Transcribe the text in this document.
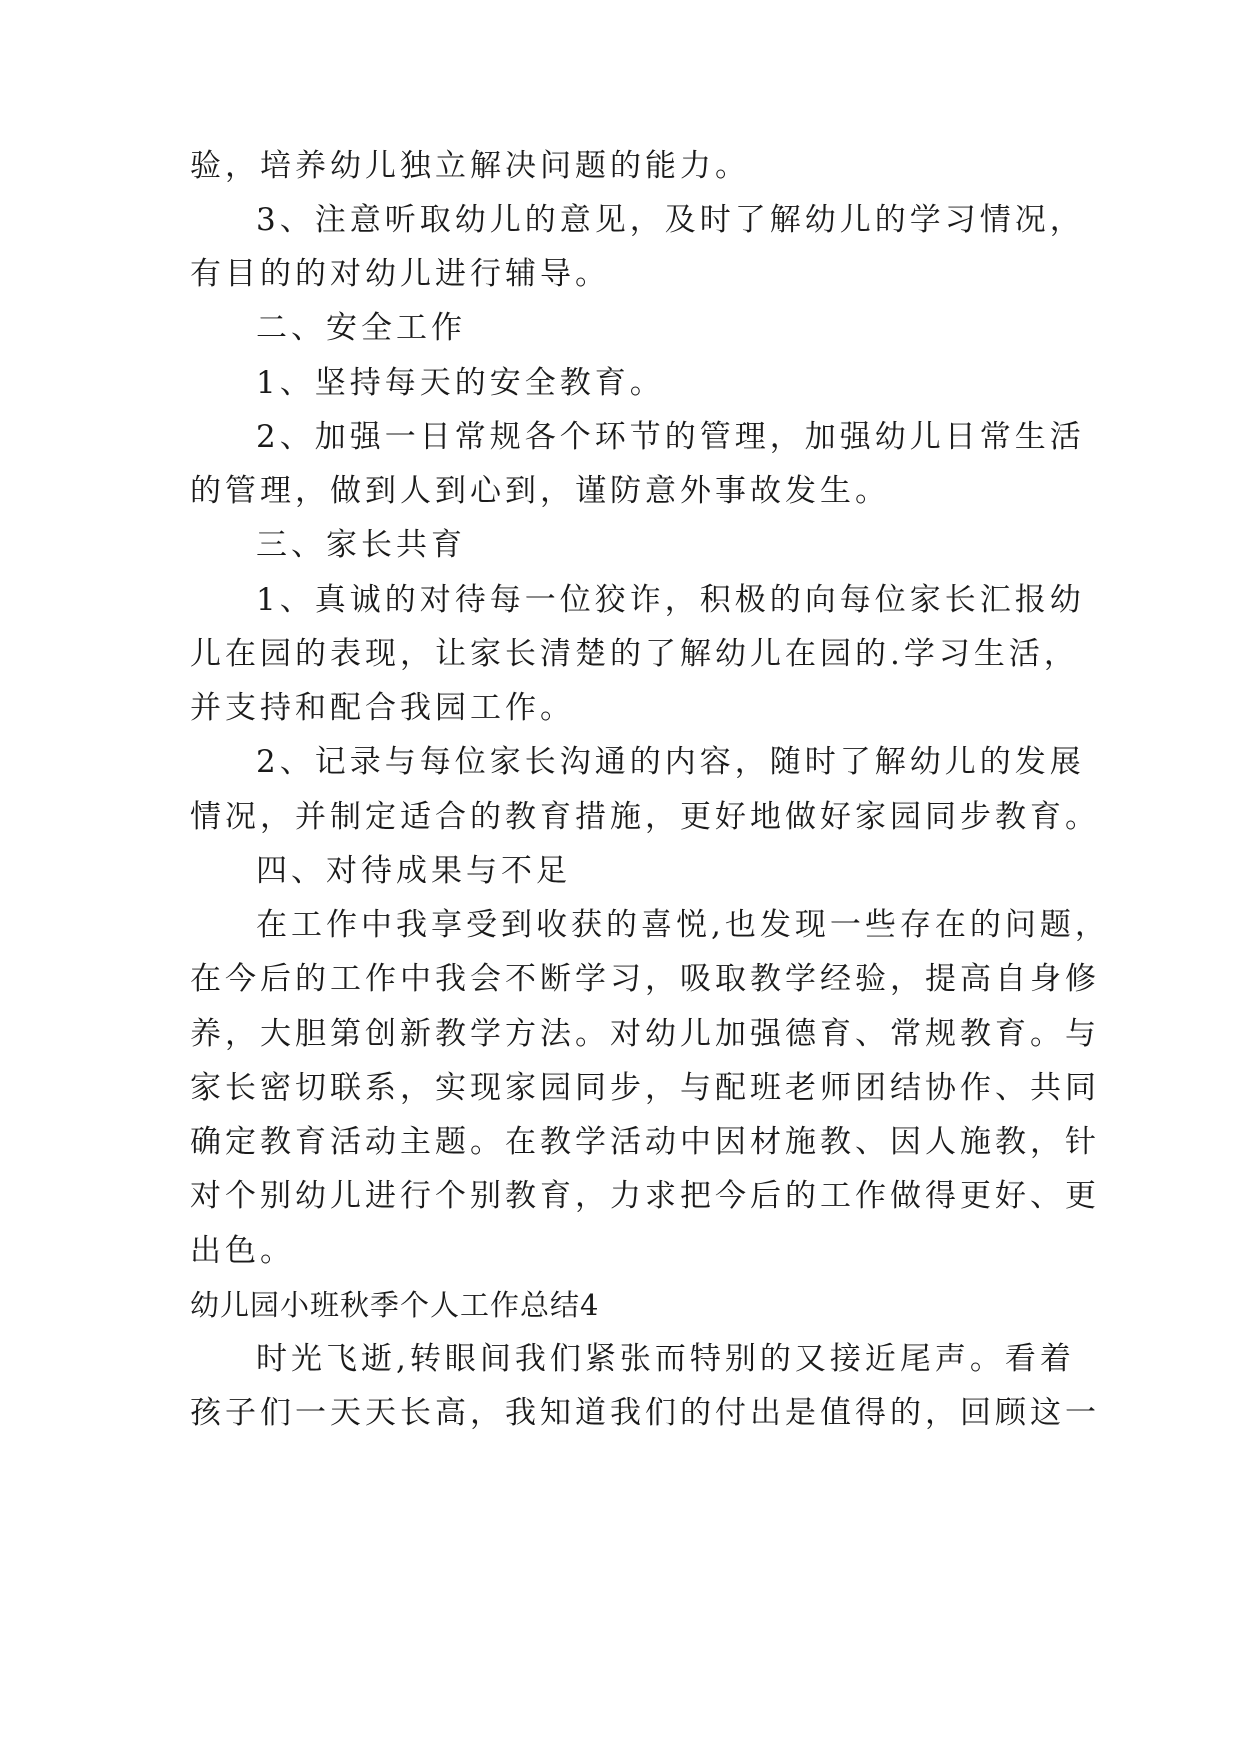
验，培养幼儿独立解决问题的能力。
3、注意听取幼儿的意见，及时了解幼儿的学习情况，
有目的的对幼儿进行辅导。
二、安全工作
1、坚持每天的安全教育。
2、加强一日常规各个环节的管理，加强幼儿日常生活
的管理，做到人到心到，谨防意外事故发生。
三、家长共育
1、真诚的对待每一位狡诈，积极的向每位家长汇报幼
儿在园的表现，让家长清楚的了解幼儿在园的.学习生活，
并支持和配合我园工作。
2、记录与每位家长沟通的内容，随时了解幼儿的发展
情况，并制定适合的教育措施，更好地做好家园同步教育。
四、对待成果与不足
在工作中我享受到收获的喜悦,也发现一些存在的问题，
在今后的工作中我会不断学习，吸取教学经验，提高自身修
养，大胆第创新教学方法。对幼儿加强德育、常规教育。与
家长密切联系，实现家园同步，与配班老师团结协作、共同
确定教育活动主题。在教学活动中因材施教、因人施教，针
对个别幼儿进行个别教育，力求把今后的工作做得更好、更
出色。
幼儿园小班秋季个人工作总结4
时光飞逝,转眼间我们紧张而特别的又接近尾声。看着
孩子们一天天长高，我知道我们的付出是值得的，回顾这一
